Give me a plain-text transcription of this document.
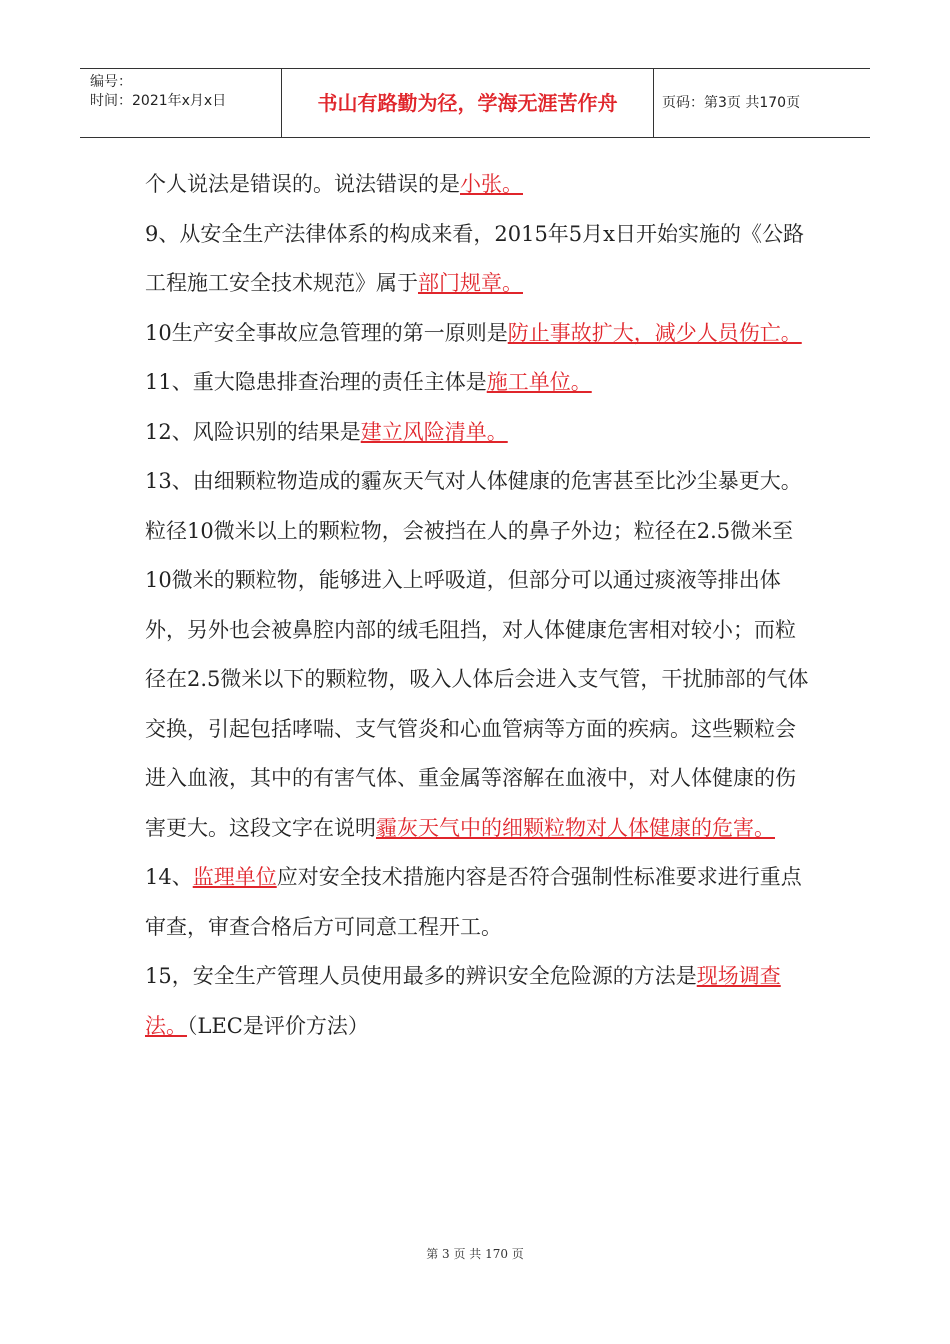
编号：
时间：2021年x月x日	书山有路勤为径，学海无涯苦作舟	页码：第3页 共170页

个人说法是错误的。说法错误的是小张。

9、从安全生产法律体系的构成来看，2015年5月x日开始实施的《公路工程施工安全技术规范》属于部门规章。

10生产安全事故应急管理的第一原则是防止事故扩大，减少人员伤亡。

11、重大隐患排查治理的责任主体是施工单位。

12、风险识别的结果是建立风险清单。

13、由细颗粒物造成的霾灰天气对人体健康的危害甚至比沙尘暴更大。粒径10微米以上的颗粒物，会被挡在人的鼻子外边；粒径在2.5微米至10微米的颗粒物，能够进入上呼吸道，但部分可以通过痰液等排出体外，另外也会被鼻腔内部的绒毛阻挡，对人体健康危害相对较小；而粒径在2.5微米以下的颗粒物，吸入人体后会进入支气管，干扰肺部的气体交换，引起包括哮喘、支气管炎和心血管病等方面的疾病。这些颗粒会进入血液，其中的有害气体、重金属等溶解在血液中，对人体健康的伤害更大。这段文字在说明霾灰天气中的细颗粒物对人体健康的危害。

14、监理单位应对安全技术措施内容是否符合强制性标准要求进行重点审查，审查合格后方可同意工程开工。

15，安全生产管理人员使用最多的辨识安全危险源的方法是现场调查法。（LEC是评价方法）

第 3 页 共 170 页
